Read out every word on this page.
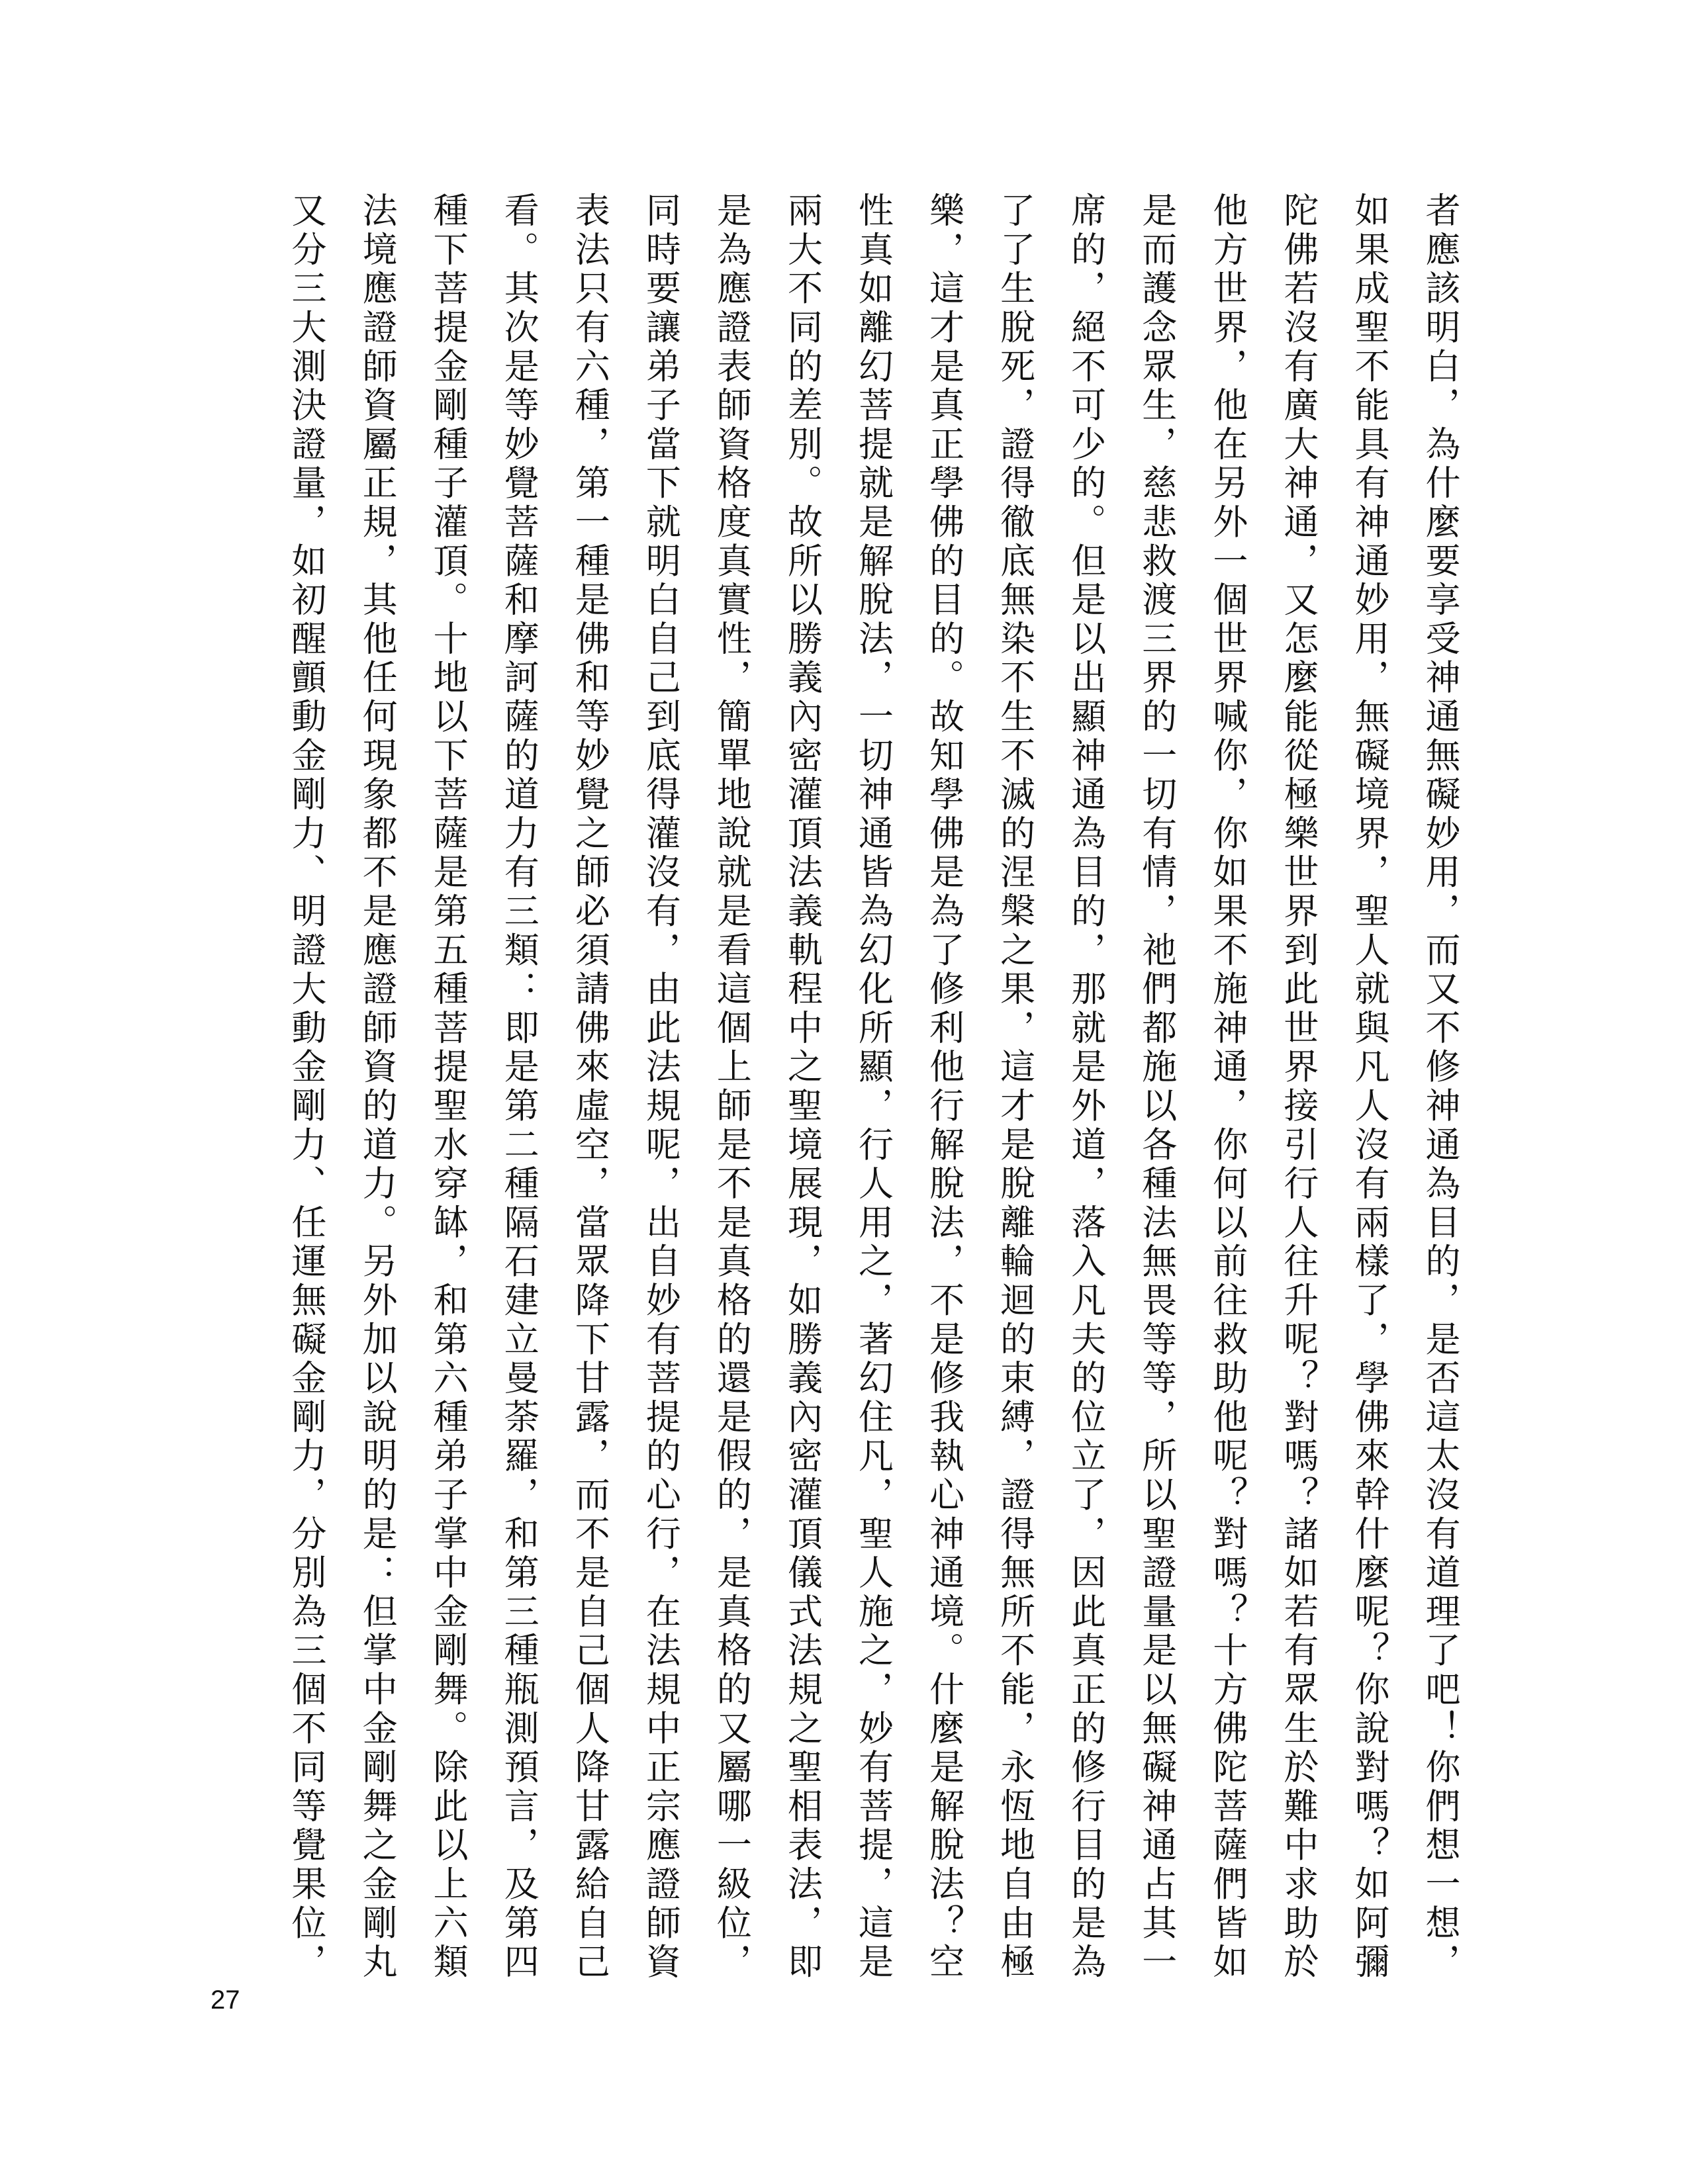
者應該明白，為什麼要享受神通無礙妙用，而又不修神通為目的，是否這太沒有道理了吧！你們想一想，
如果成聖不能具有神通妙用，無礙境界，聖人就與凡人沒有兩樣了，學佛來幹什麼呢？你說對嗎？如阿彌
陀佛若沒有廣大神通，又怎麼能從極樂世界到此世界接引行人往升呢？對嗎？諸如若有眾生於難中求助於
他方世界，他在另外一個世界喊你，你如果不施神通，你何以前往救助他呢？對嗎？十方佛陀菩薩們皆如
是而護念眾生，慈悲救渡三界的一切有情，祂們都施以各種法無畏等等，所以聖證量是以無礙神通占其一
席的，絕不可少的。但是以出顯神通為目的，那就是外道，落入凡夫的位立了，因此真正的修行目的是為
了了生脫死，證得徹底無染不生不滅的涅槃之果，這才是脫離輪迴的束縛，證得無所不能，永恆地自由極
樂，這才是真正學佛的目的。故知學佛是為了修利他行解脫法，不是修我執心神通境。什麼是解脫法？空
性真如離幻菩提就是解脫法，一切神通皆為幻化所顯，行人用之，著幻住凡，聖人施之，妙有菩提，這是
兩大不同的差別。故所以勝義內密灌頂法義軌程中之聖境展現，如勝義內密灌頂儀式法規之聖相表法，即
是為應證表師資格度真實性，簡單地說就是看這個上師是不是真格的還是假的，是真格的又屬哪一級位，
同時要讓弟子當下就明白自己到底得灌沒有，由此法規呢，出自妙有菩提的心行，在法規中正宗應證師資
表法只有六種，第一種是佛和等妙覺之師必須請佛來虛空，當眾降下甘露，而不是自己個人降甘露給自己
看。其次是等妙覺菩薩和摩訶薩的道力有三類：即是第二種隔石建立曼荼羅，和第三種瓶測預言，及第四
種下菩提金剛種子灌頂。十地以下菩薩是第五種菩提聖水穿缽，和第六種弟子掌中金剛舞。除此以上六類
法境應證師資屬正規，其他任何現象都不是應證師資的道力。另外加以說明的是：但掌中金剛舞之金剛丸
又分三大測決證量，如初醒顫動金剛力、明證大動金剛力、任運無礙金剛力，分別為三個不同等覺果位，
27
